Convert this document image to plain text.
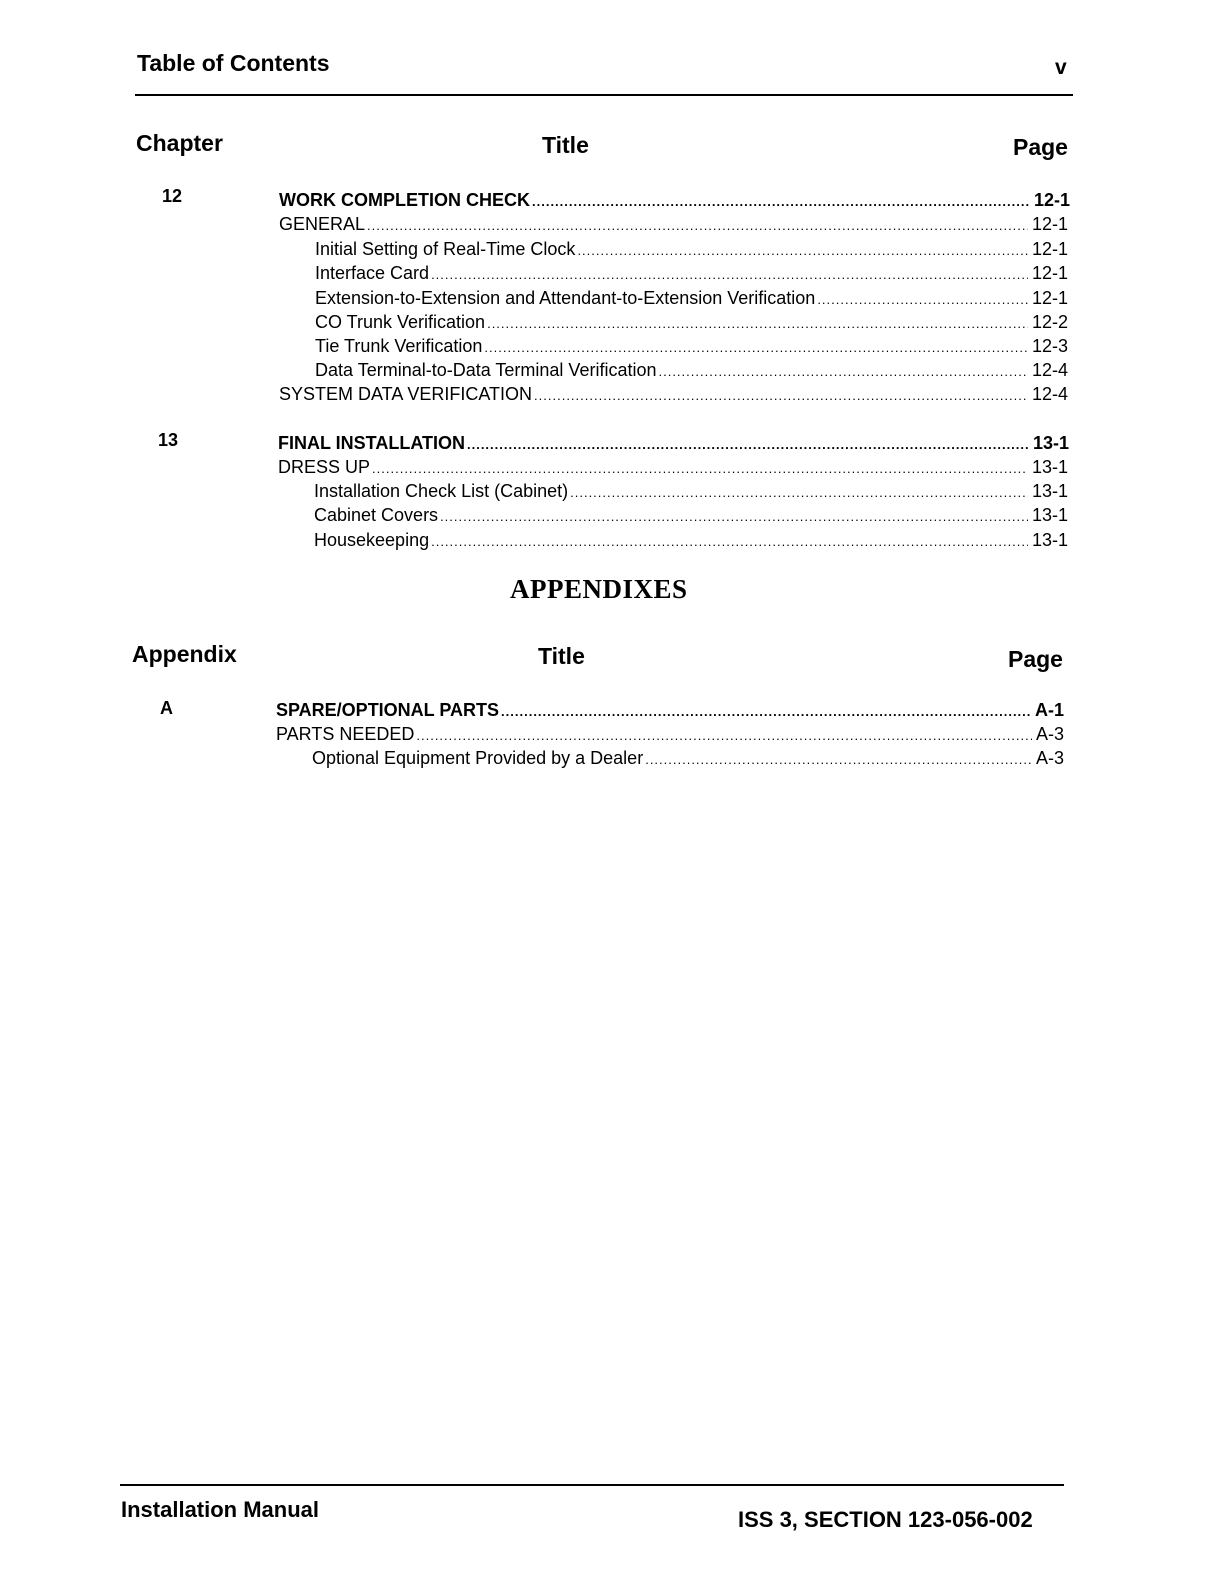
Table of Contents	v
Chapter	Title	Page
12	WORK COMPLETION CHECK .....	12-1
GENERAL .....	12-1
Initial Setting of Real-Time Clock .....	12-1
Interface Card .....	12-1
Extension-to-Extension and Attendant-to-Extension Verification .....	12-1
CO Trunk Verification .....	12-2
Tie Trunk Verification .....	12-3
Data Terminal-to-Data Terminal Verification .....	12-4
SYSTEM DATA VERIFICATION .....	12-4
13	FINAL INSTALLATION .....	13-1
DRESS UP .....	13-1
Installation Check List (Cabinet) .....	13-1
Cabinet Covers .....	13-1
Housekeeping .....	13-1
APPENDIXES
Appendix	Title	Page
A	SPARE/OPTIONAL PARTS .....	A-1
PARTS NEEDED .....	A-3
Optional Equipment Provided by a Dealer .....	A-3
Installation Manual	ISS 3, SECTION 123-056-002
